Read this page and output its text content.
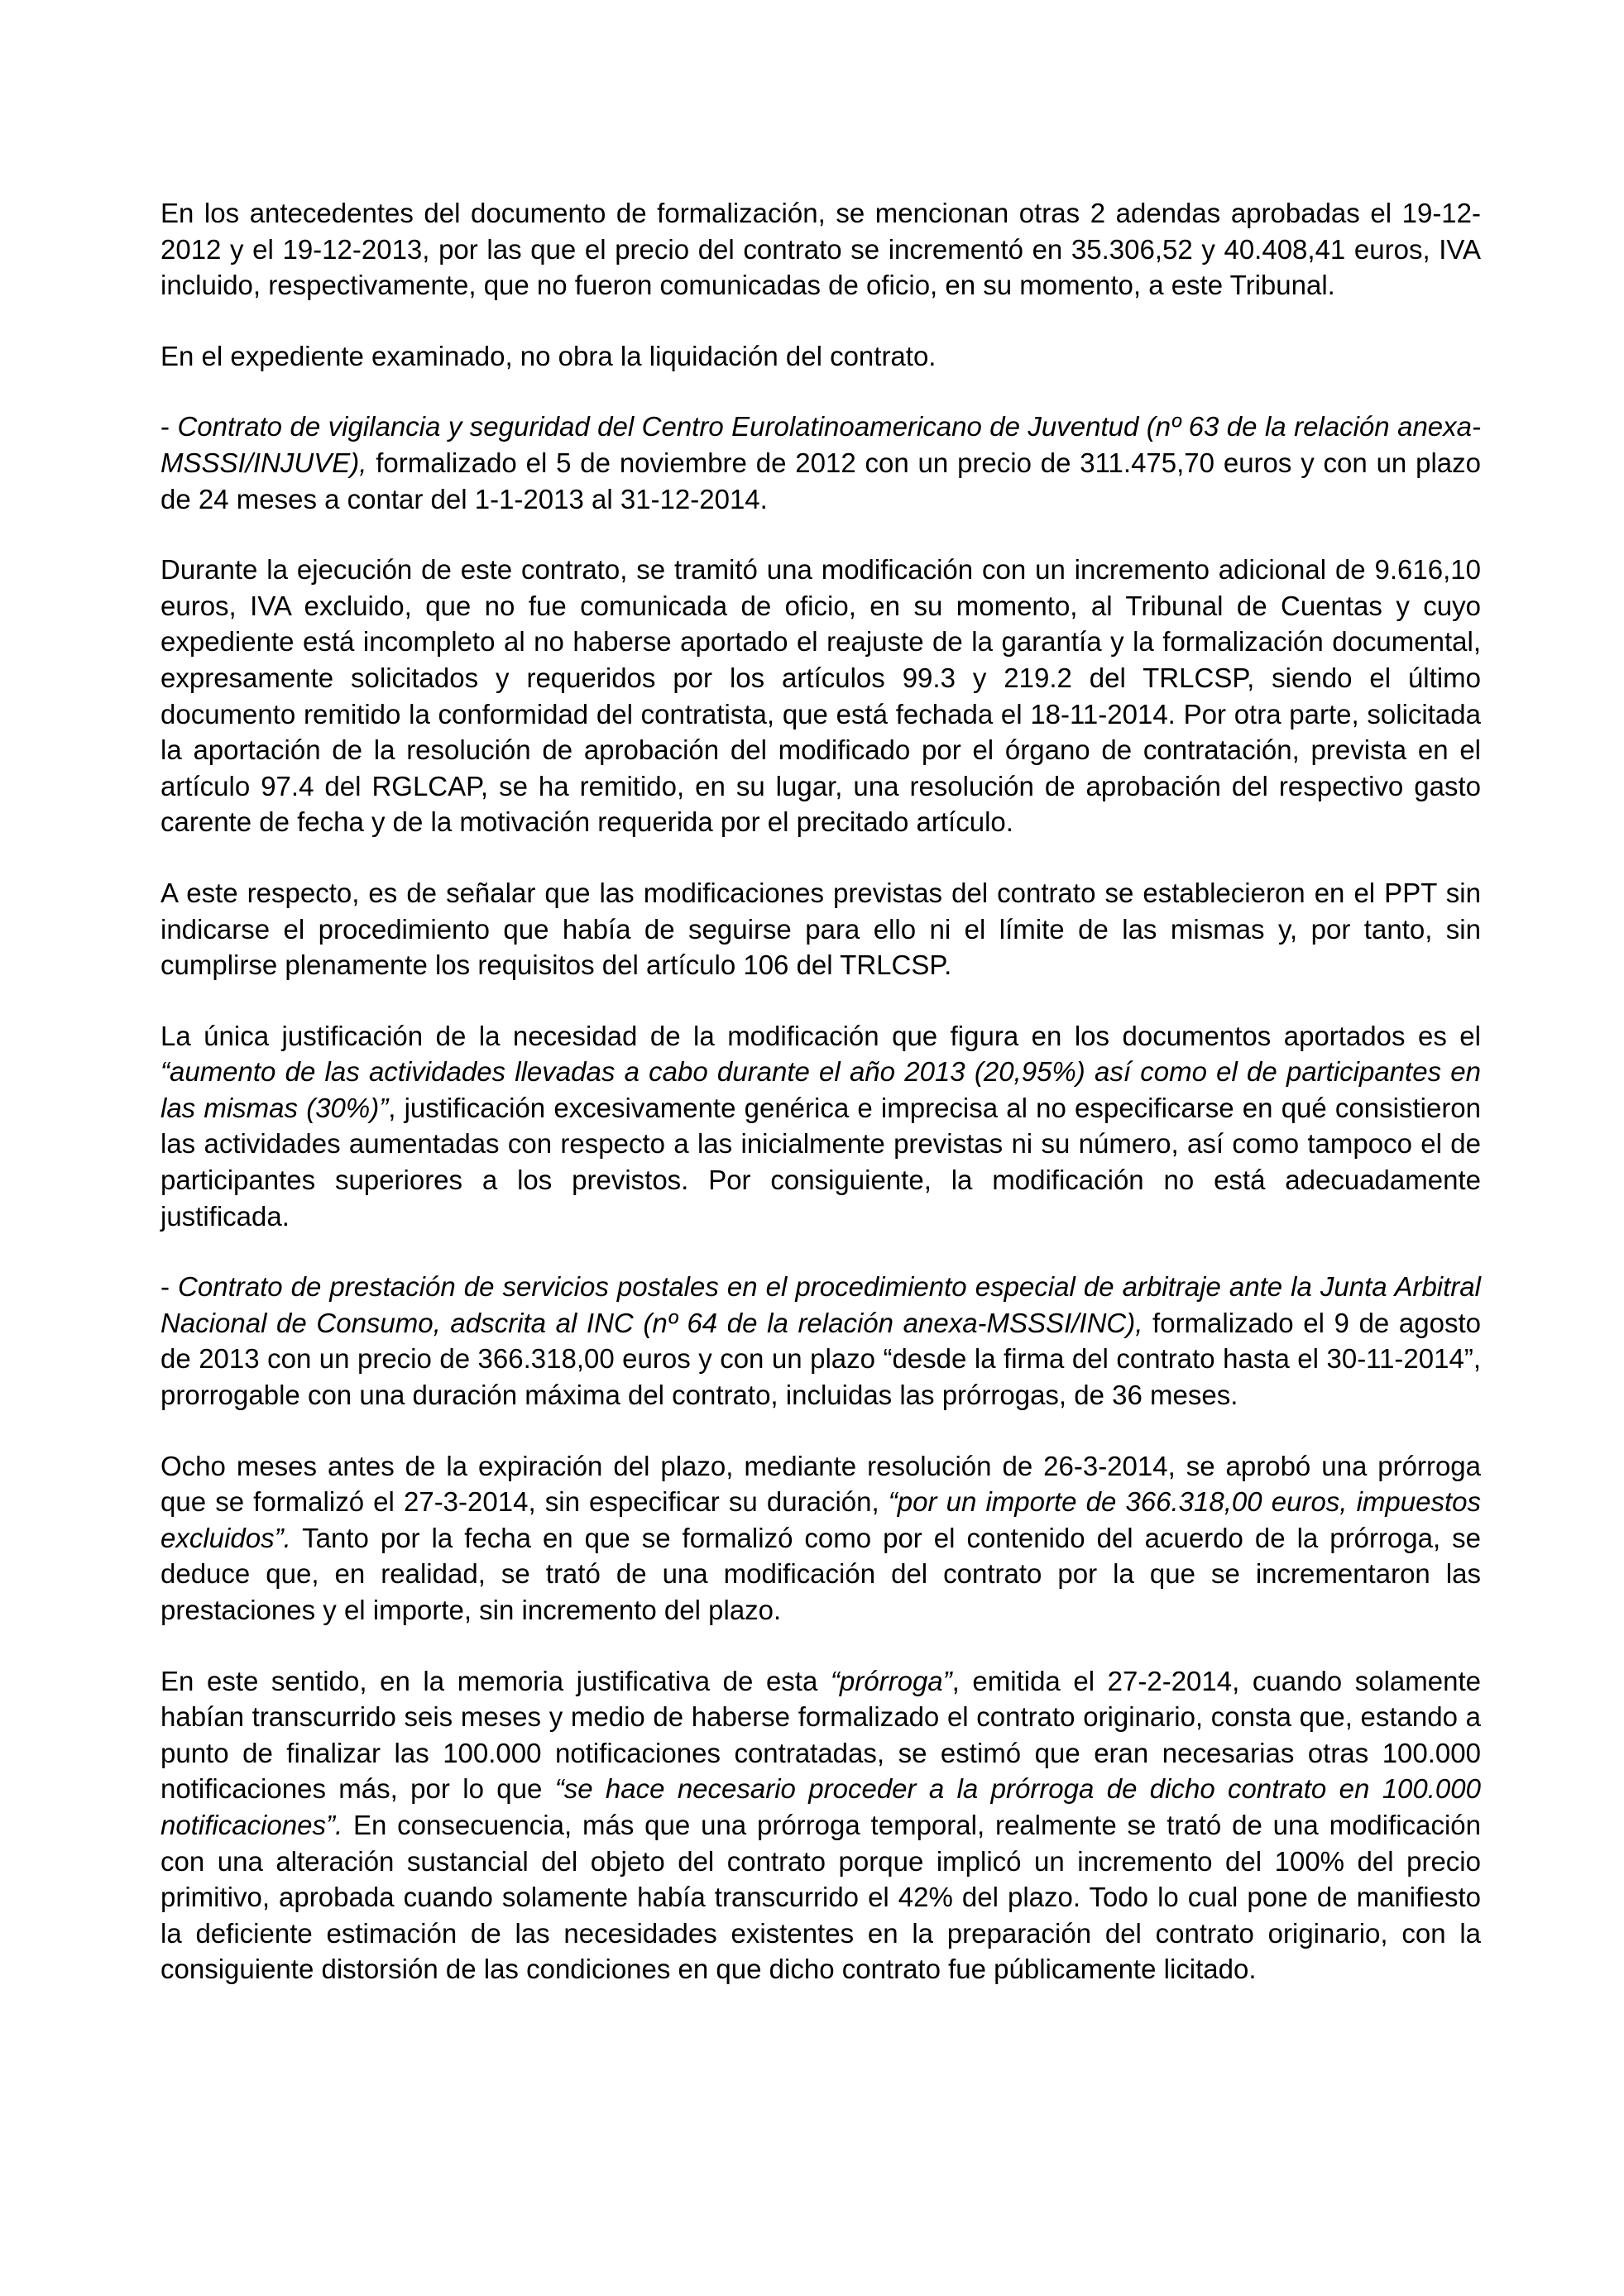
En los antecedentes del documento de formalización, se mencionan otras 2 adendas aprobadas el 19-12-2012 y el 19-12-2013, por las que el precio del contrato se incrementó en 35.306,52 y 40.408,41 euros, IVA incluido, respectivamente, que no fueron comunicadas de oficio, en su momento, a este Tribunal.

En el expediente examinado, no obra la liquidación del contrato.

- Contrato de vigilancia y seguridad del Centro Eurolatinoamericano de Juventud (nº 63 de la relación anexa-MSSSI/INJUVE), formalizado el 5 de noviembre de 2012 con un precio de 311.475,70 euros y con un plazo de 24 meses a contar del 1-1-2013 al 31-12-2014.

Durante la ejecución de este contrato, se tramitó una modificación con un incremento adicional de 9.616,10 euros, IVA excluido, que no fue comunicada de oficio, en su momento, al Tribunal de Cuentas y cuyo expediente está incompleto al no haberse aportado el reajuste de la garantía y la formalización documental, expresamente solicitados y requeridos por los artículos 99.3 y 219.2 del TRLCSP, siendo el último documento remitido la conformidad del contratista, que está fechada el 18-11-2014. Por otra parte, solicitada la aportación de la resolución de aprobación del modificado por el órgano de contratación, prevista en el artículo 97.4 del RGLCAP, se ha remitido, en su lugar, una resolución de aprobación del respectivo gasto carente de fecha y de la motivación requerida por el precitado artículo.

A este respecto, es de señalar que las modificaciones previstas del contrato se establecieron en el PPT sin indicarse el procedimiento que había de seguirse para ello ni el límite de las mismas y, por tanto, sin cumplirse plenamente los requisitos del artículo 106 del TRLCSP.

La única justificación de la necesidad de la modificación que figura en los documentos aportados es el “aumento de las actividades llevadas a cabo durante el año 2013 (20,95%) así como el de participantes en las mismas (30%)”, justificación excesivamente genérica e imprecisa al no especificarse en qué consistieron las actividades aumentadas con respecto a las inicialmente previstas ni su número, así como tampoco el de participantes superiores a los previstos. Por consiguiente, la modificación no está adecuadamente justificada.

- Contrato de prestación de servicios postales en el procedimiento especial de arbitraje ante la Junta Arbitral Nacional de Consumo, adscrita al INC (nº 64 de la relación anexa-MSSSI/INC), formalizado el 9 de agosto de 2013 con un precio de 366.318,00 euros y con un plazo “desde la firma del contrato hasta el 30-11-2014”, prorrogable con una duración máxima del contrato, incluidas las prórrogas, de 36 meses.

Ocho meses antes de la expiración del plazo, mediante resolución de 26-3-2014, se aprobó una prórroga que se formalizó el 27-3-2014, sin especificar su duración, “por un importe de 366.318,00 euros, impuestos excluidos”. Tanto por la fecha en que se formalizó como por el contenido del acuerdo de la prórroga, se deduce que, en realidad, se trató de una modificación del contrato por la que se incrementaron las prestaciones y el importe, sin incremento del plazo.

En este sentido, en la memoria justificativa de esta “prórroga”, emitida el 27-2-2014, cuando solamente habían transcurrido seis meses y medio de haberse formalizado el contrato originario, consta que, estando a punto de finalizar las 100.000 notificaciones contratadas, se estimó que eran necesarias otras 100.000 notificaciones más, por lo que “se hace necesario proceder a la prórroga de dicho contrato en 100.000 notificaciones”. En consecuencia, más que una prórroga temporal, realmente se trató de una modificación con una alteración sustancial del objeto del contrato porque implicó un incremento del 100% del precio primitivo, aprobada cuando solamente había transcurrido el 42% del plazo. Todo lo cual pone de manifiesto la deficiente estimación de las necesidades existentes en la preparación del contrato originario, con la consiguiente distorsión de las condiciones en que dicho contrato fue públicamente licitado.
